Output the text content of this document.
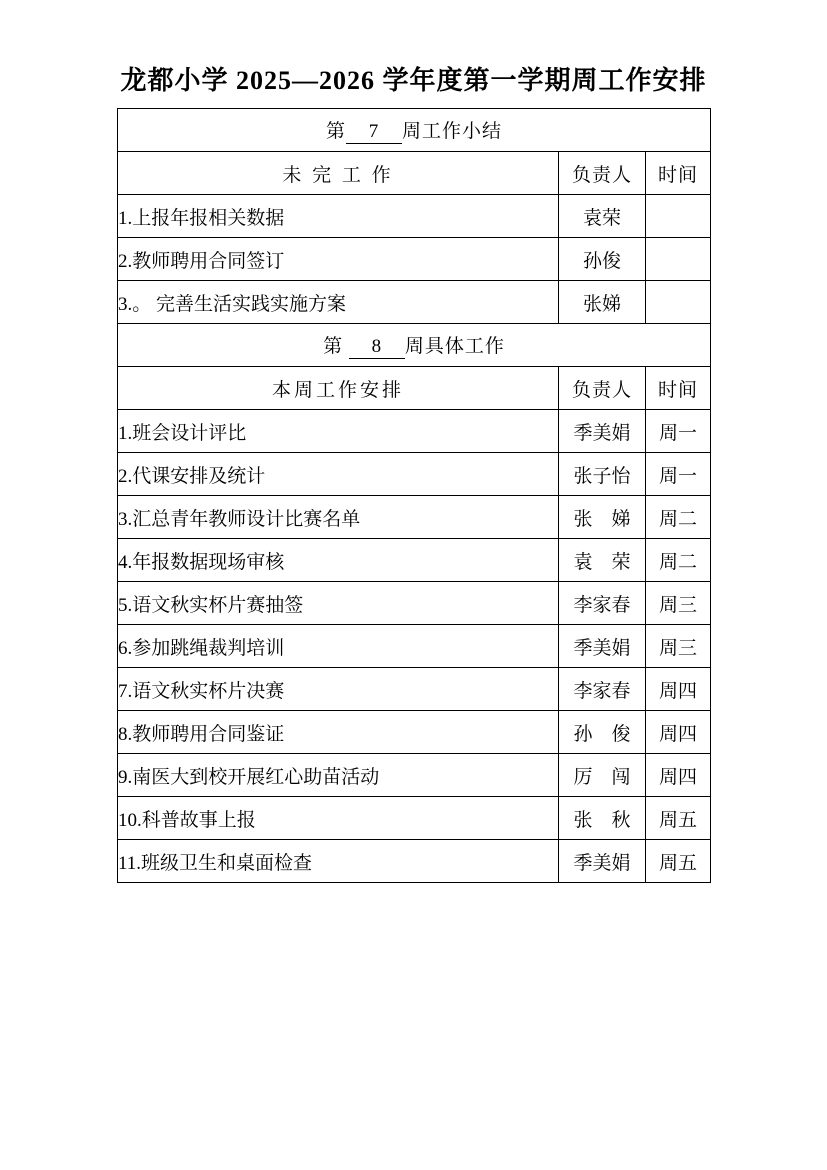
龙都小学 2025—2026 学年度第一学期周工作安排
第 7 周工作小结		
未 完 工 作	负责人	时间
1.上报年报相关数据	袁荣	
2.教师聘用合同签订	孙俊	
3.。 完善生活实践实施方案	张娣	
第 8 周具体工作		
本周工作安排	负责人	时间
1.班会设计评比	季美娟	周一
2.代课安排及统计	张子怡	周一
3.汇总青年教师设计比赛名单	张　娣	周二
4.年报数据现场审核	袁　荣	周二
5.语文秋实杯片赛抽签	李家春	周三
6.参加跳绳裁判培训	季美娟	周三
7.语文秋实杯片决赛	李家春	周四
8.教师聘用合同鉴证	孙　俊	周四
9.南医大到校开展红心助苗活动	厉　闯	周四
10.科普故事上报	张　秋	周五
11.班级卫生和桌面检查	季美娟	周五
